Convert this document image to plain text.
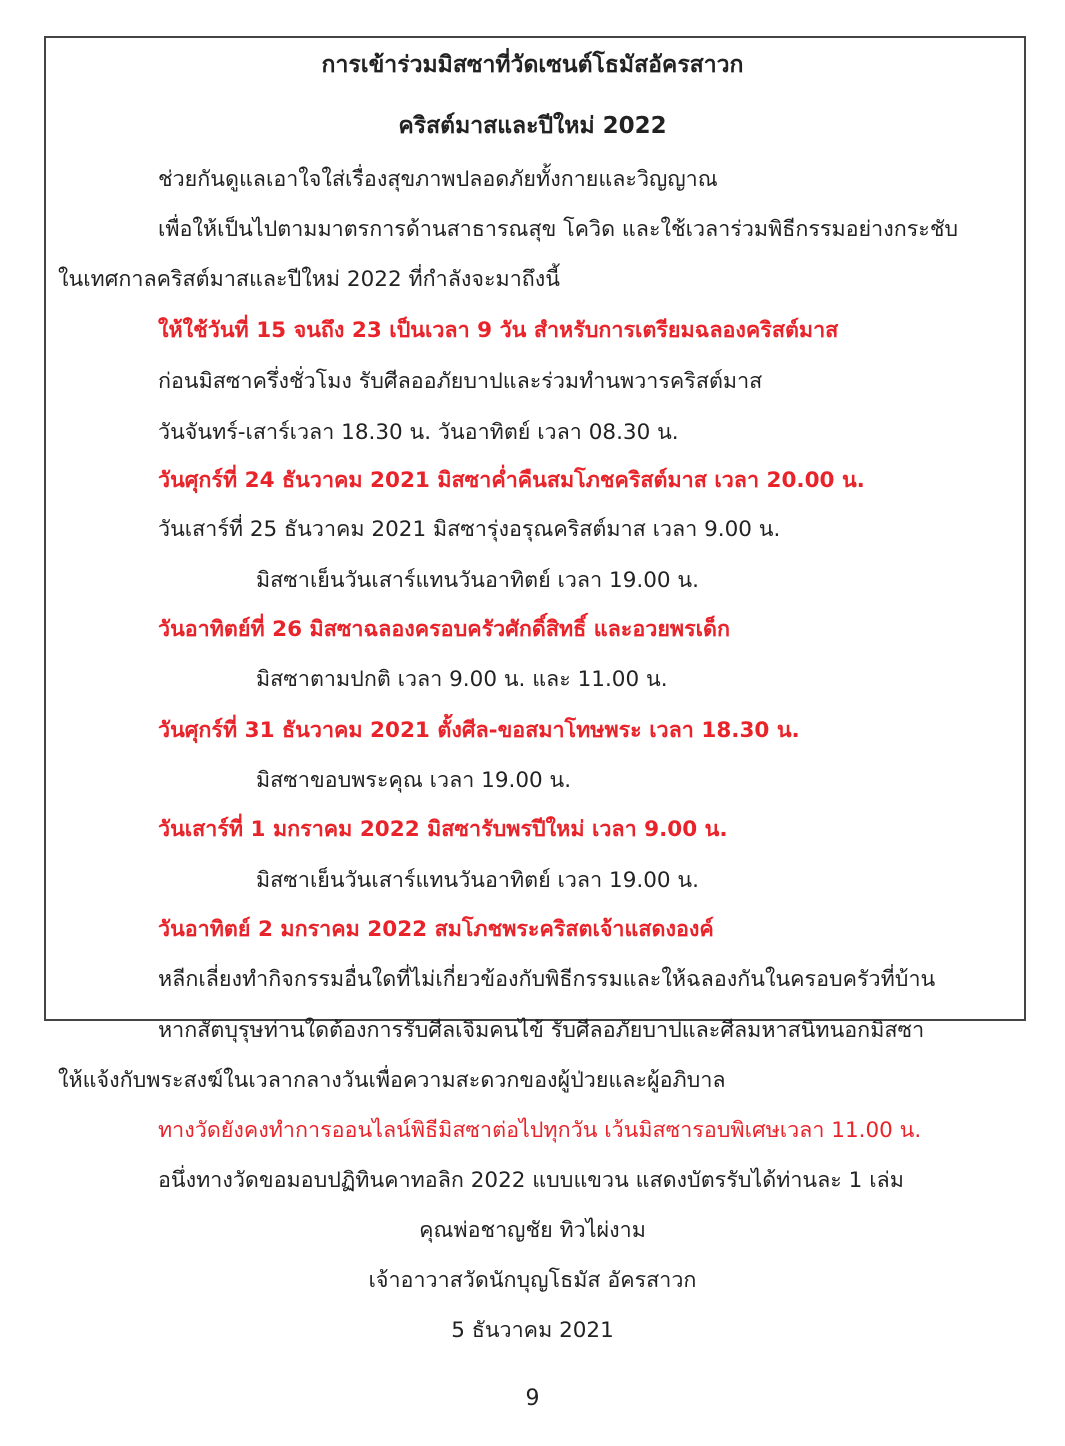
การเข้าร่วมมิสซาที่วัดเซนต์โธมัสอัครสาวก
คริสต์มาสและปีใหม่ 2022
ช่วยกันดูแลเอาใจใส่เรื่องสุขภาพปลอดภัยทั้งกายและวิญญาณ
เพื่อให้เป็นไปตามมาตรการด้านสาธารณสุข โควิด และใช้เวลาร่วมพิธีกรรมอย่างกระชับ
ในเทศกาลคริสต์มาสและปีใหม่ 2022 ที่กำลังจะมาถึงนี้
ให้ใช้วันที่ 15 จนถึง 23 เป็นเวลา 9 วัน สำหรับการเตรียมฉลองคริสต์มาส
ก่อนมิสซาครึ่งชั่วโมง รับศีลออภัยบาปและร่วมทำนพวารคริสต์มาส
วันจันทร์-เสาร์เวลา 18.30 น. วันอาทิตย์ เวลา 08.30 น.
วันศุกร์ที่ 24 ธันวาคม 2021 มิสซาค่ำคืนสมโภชคริสต์มาส เวลา 20.00 น.
วันเสาร์ที่ 25 ธันวาคม 2021 มิสซารุ่งอรุณคริสต์มาส เวลา 9.00 น.
มิสซาเย็นวันเสาร์แทนวันอาทิตย์ เวลา 19.00 น.
วันอาทิตย์ที่ 26 มิสซาฉลองครอบครัวศักดิ์สิทธิ์ และอวยพรเด็ก
มิสซาตามปกติ เวลา 9.00 น. และ 11.00 น.
วันศุกร์ที่ 31 ธันวาคม 2021 ตั้งศีล-ขอสมาโทษพระ เวลา 18.30 น.
มิสซาขอบพระคุณ เวลา 19.00 น.
วันเสาร์ที่ 1 มกราคม 2022 มิสซารับพรปีใหม่ เวลา 9.00 น.
มิสซาเย็นวันเสาร์แทนวันอาทิตย์ เวลา 19.00 น.
วันอาทิตย์ 2 มกราคม 2022 สมโภชพระคริสตเจ้าแสดงองค์
หลีกเลี่ยงทำกิจกรรมอื่นใดที่ไม่เกี่ยวข้องกับพิธีกรรมและให้ฉลองกันในครอบครัวที่บ้าน
หากสัตบุรุษท่านใดต้องการรับศีลเจิมคนไข้ รับศีลอภัยบาปและศีลมหาสนิทนอกมิสซา
ให้แจ้งกับพระสงฆ์ในเวลากลางวันเพื่อความสะดวกของผู้ป่วยและผู้อภิบาล
ทางวัดยังคงทำการออนไลน์พิธีมิสซาต่อไปทุกวัน เว้นมิสซารอบพิเศษเวลา 11.00 น.
อนึ่งทางวัดขอมอบปฏิทินคาทอลิก 2022 แบบแขวน แสดงบัตรรับได้ท่านละ 1 เล่ม
คุณพ่อชาญชัย ทิวไผ่งาม
เจ้าอาวาสวัดนักบุญโธมัส อัครสาวก
5 ธันวาคม 2021
9
